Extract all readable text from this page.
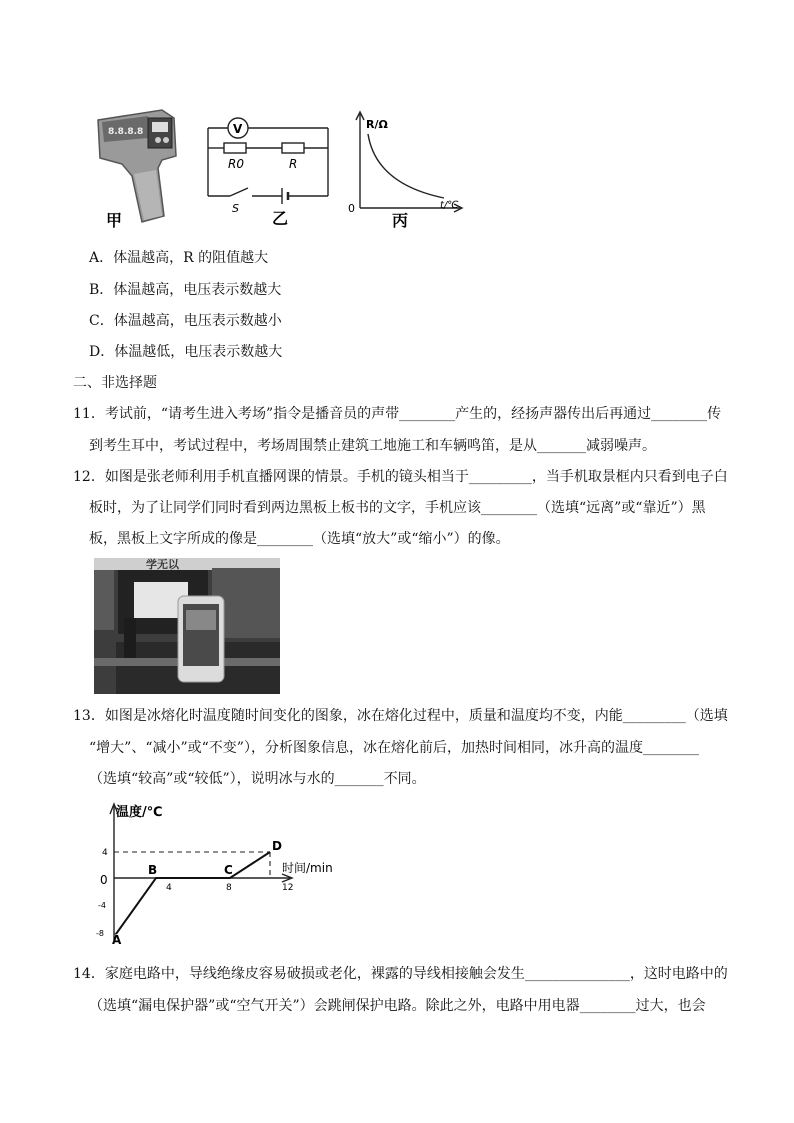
8.8.8.8
甲
V
R0	R
S
乙
R/Ω
t/℃
0
丙
A．体温越高，R 的阻值越大
B．体温越高，电压表示数越大
C．体温越高，电压表示数越小
D．体温越低，电压表示数越大
二、非选择题
11．考试前，“请考生进入考场”指令是播音员的声带________产生的，经扬声器传出后再通过________传
到考生耳中，考试过程中，考场周围禁止建筑工地施工和车辆鸣笛，是从_______减弱噪声。
12．如图是张老师利用手机直播网课的情景。手机的镜头相当于_________，当手机取景框内只看到电子白
板时，为了让同学们同时看到两边黑板上板书的文字，手机应该________（选填“远离”或“靠近”）黑
板，黑板上文字所成的像是________（选填“放大”或“缩小”）的像。
学无以
13．如图是冰熔化时温度随时间变化的图象，冰在熔化过程中，质量和温度均不变，内能_________（选填
“增大”、“减小”或“不变”），分析图象信息，冰在熔化前后，加热时间相同，冰升高的温度________
（选填“较高”或“较低”），说明冰与水的_______不同。
温度/℃
时间/min
4
0
-4
-8
4	8	12
A
B	C
D
14．家庭电路中，导线绝缘皮容易破损或老化，裸露的导线相接触会发生_______________，这时电路中的
（选填“漏电保护器”或“空气开关”）会跳闸保护电路。除此之外，电路中用电器________过大，也会
